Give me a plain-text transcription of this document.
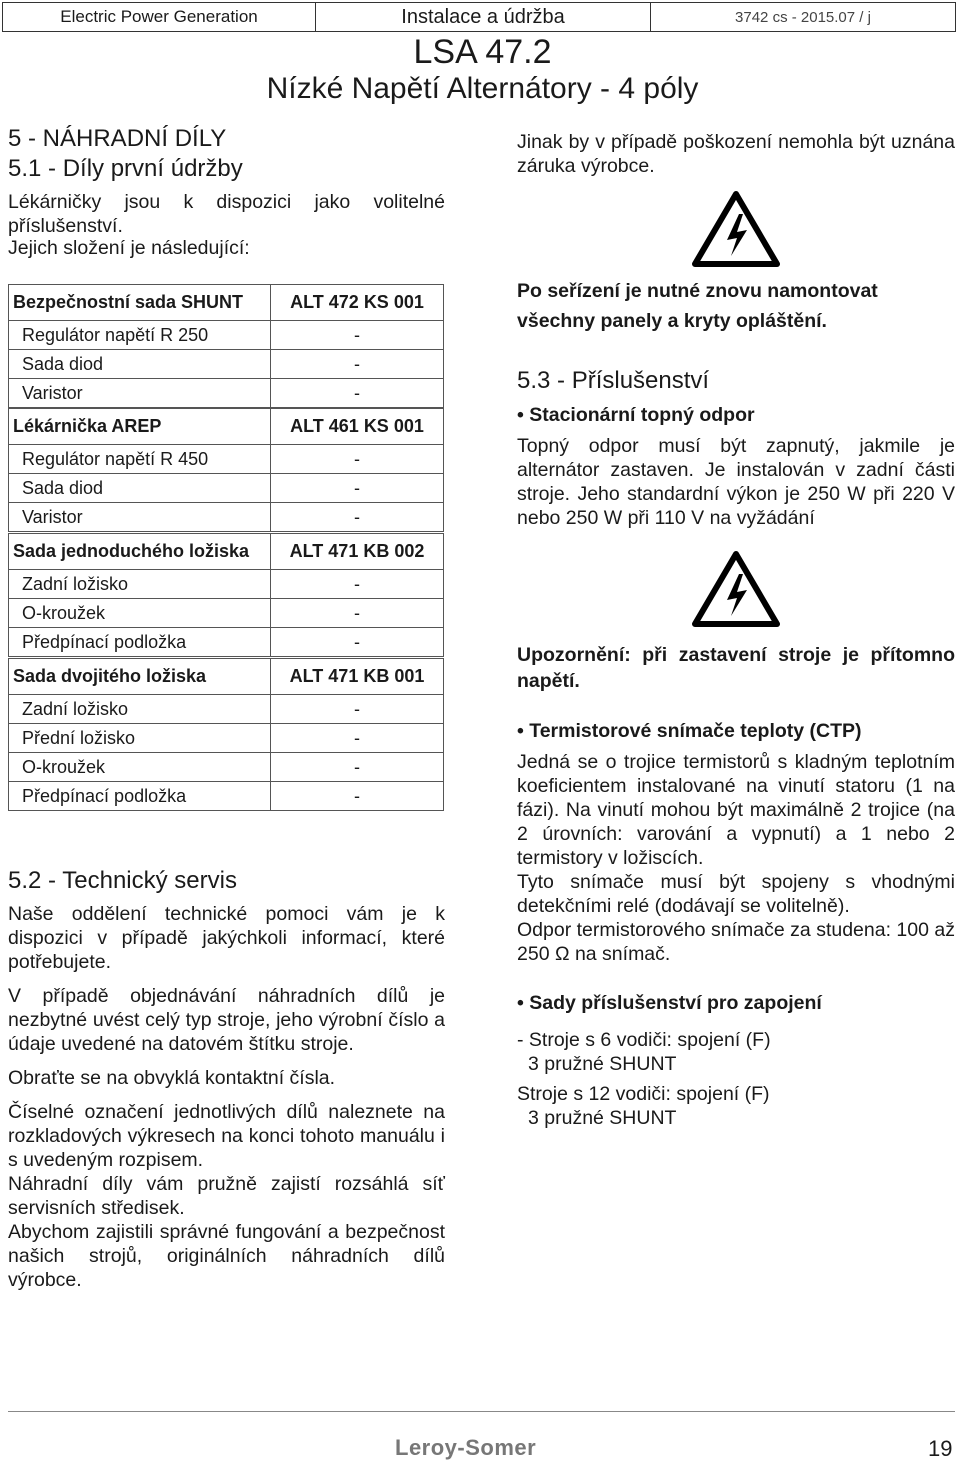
Electric Power Generation	Instalace a údržba	3742 cs - 2015.07 / j
LSA 47.2
Nízké Napětí Alternátory - 4 póly
5 - NÁHRADNÍ DÍLY
5.1 - Díly první údržby

Lékárničky jsou k dispozici jako volitelné příslušenství.

Jejich složení je následující:

Bezpečnostní sada SHUNT	ALT 472 KS 001
Regulátor napětí R 250	-
Sada diod	-
Varistor	-
Lékárnička AREP	ALT 461 KS 001
Regulátor napětí R 450	-
Sada diod	-
Varistor	-
Sada jednoduchého ložiska	ALT 471 KB 002
Zadní ložisko	-
O-kroužek	-
Předpínací podložka	-
Sada dvojitého ložiska	ALT 471 KB 001
Zadní ložisko	-
Přední ložisko	-
O-kroužek	-
Předpínací podložka	-
5.2 - Technický servis

Naše oddělení technické pomoci vám je k dispozici v případě jakýchkoli informací, které potřebujete.

V případě objednávání náhradních dílů je nezbytné uvést celý typ stroje, jeho výrobní číslo a údaje uvedené na datovém štítku stroje.

Obraťte se na obvyklá kontaktní čísla.

Číselné označení jednotlivých dílů naleznete na rozkladových výkresech na konci tohoto manuálu i s uvedeným rozpisem.

Náhradní díly vám pružně zajistí rozsáhlá síť servisních středisek.

Abychom zajistili správné fungování a bezpečnost našich strojů, originálních náhradních dílů výrobce.

Jinak by v případě poškození nemohla být uznána záruka výrobce.

Po seřízení je nutné znovu namontovat všechny panely a kryty opláštění.

5.3 - Příslušenství

• Stacionární topný odpor

Topný odpor musí být zapnutý, jakmile je alternátor zastaven. Je instalován v zadní části stroje. Jeho standardní výkon je 250 W při 220 V nebo 250 W při 110 V na vyžádání

Upozornění: při zastavení stroje je přítomno napětí.

• Termistorové snímače teploty (CTP)

Jedná se o trojice termistorů s kladným teplotním koeficientem instalované na vinutí statoru (1 na fázi). Na vinutí mohou být maximálně 2 trojice (na 2 úrovních: varování a vypnutí) a 1 nebo 2 termistory v ložiscích.

Tyto snímače musí být spojeny s vhodnými detekčními relé (dodávají se volitelně).

Odpor termistorového snímače za studena: 100 až 250 Ω na snímač.

• Sady příslušenství pro zapojení

- Stroje s 6 vodiči: spojení (F)

3 pružné SHUNT

Stroje s 12 vodiči: spojení (F)

3 pružné SHUNT

Leroy-Somer	19
